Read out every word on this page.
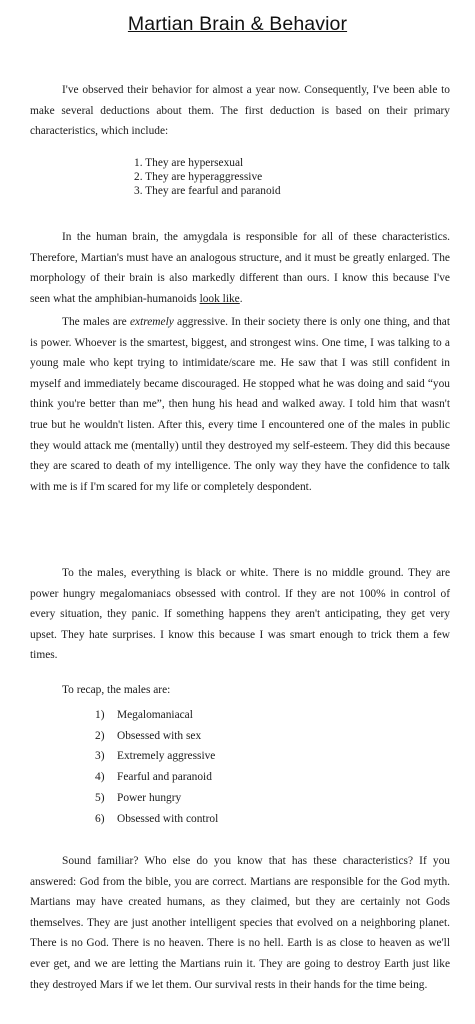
Martian Brain & Behavior

I've observed their behavior for almost a year now. Consequently, I've been able to make several deductions about them. The first deduction is based on their primary characteristics, which include:

1. They are hypersexual
2. They are hyperaggressive
3. They are fearful and paranoid

In the human brain, the amygdala is responsible for all of these characteristics. Therefore, Martian's must have an analogous structure, and it must be greatly enlarged. The morphology of their brain is also markedly different than ours. I know this because I've seen what the amphibian-humanoids look like.

The males are extremely aggressive. In their society there is only one thing, and that is power. Whoever is the smartest, biggest, and strongest wins. One time, I was talking to a young male who kept trying to intimidate/scare me. He saw that I was still confident in myself and immediately became discouraged. He stopped what he was doing and said “you think you're better than me”, then hung his head and walked away. I told him that wasn't true but he wouldn't listen. After this, every time I encountered one of the males in public they would attack me (mentally) until they destroyed my self-esteem. They did this because they are scared to death of my intelligence. The only way they have the confidence to talk with me is if I'm scared for my life or completely despondent.

To the males, everything is black or white. There is no middle ground. They are power hungry megalomaniacs obsessed with control. If they are not 100% in control of every situation, they panic. If something happens they aren't anticipating, they get very upset. They hate surprises. I know this because I was smart enough to trick them a few times.

To recap, the males are:

1) Megalomaniacal
2) Obsessed with sex
3) Extremely aggressive
4) Fearful and paranoid
5) Power hungry
6) Obsessed with control

Sound familiar? Who else do you know that has these characteristics? If you answered: God from the bible, you are correct. Martians are responsible for the God myth. Martians may have created humans, as they claimed, but they are certainly not Gods themselves. They are just another intelligent species that evolved on a neighboring planet. There is no God. There is no heaven. There is no hell. Earth is as close to heaven as we'll ever get, and we are letting the Martians ruin it. They are going to destroy Earth just like they destroyed Mars if we let them. Our survival rests in their hands for the time being.
